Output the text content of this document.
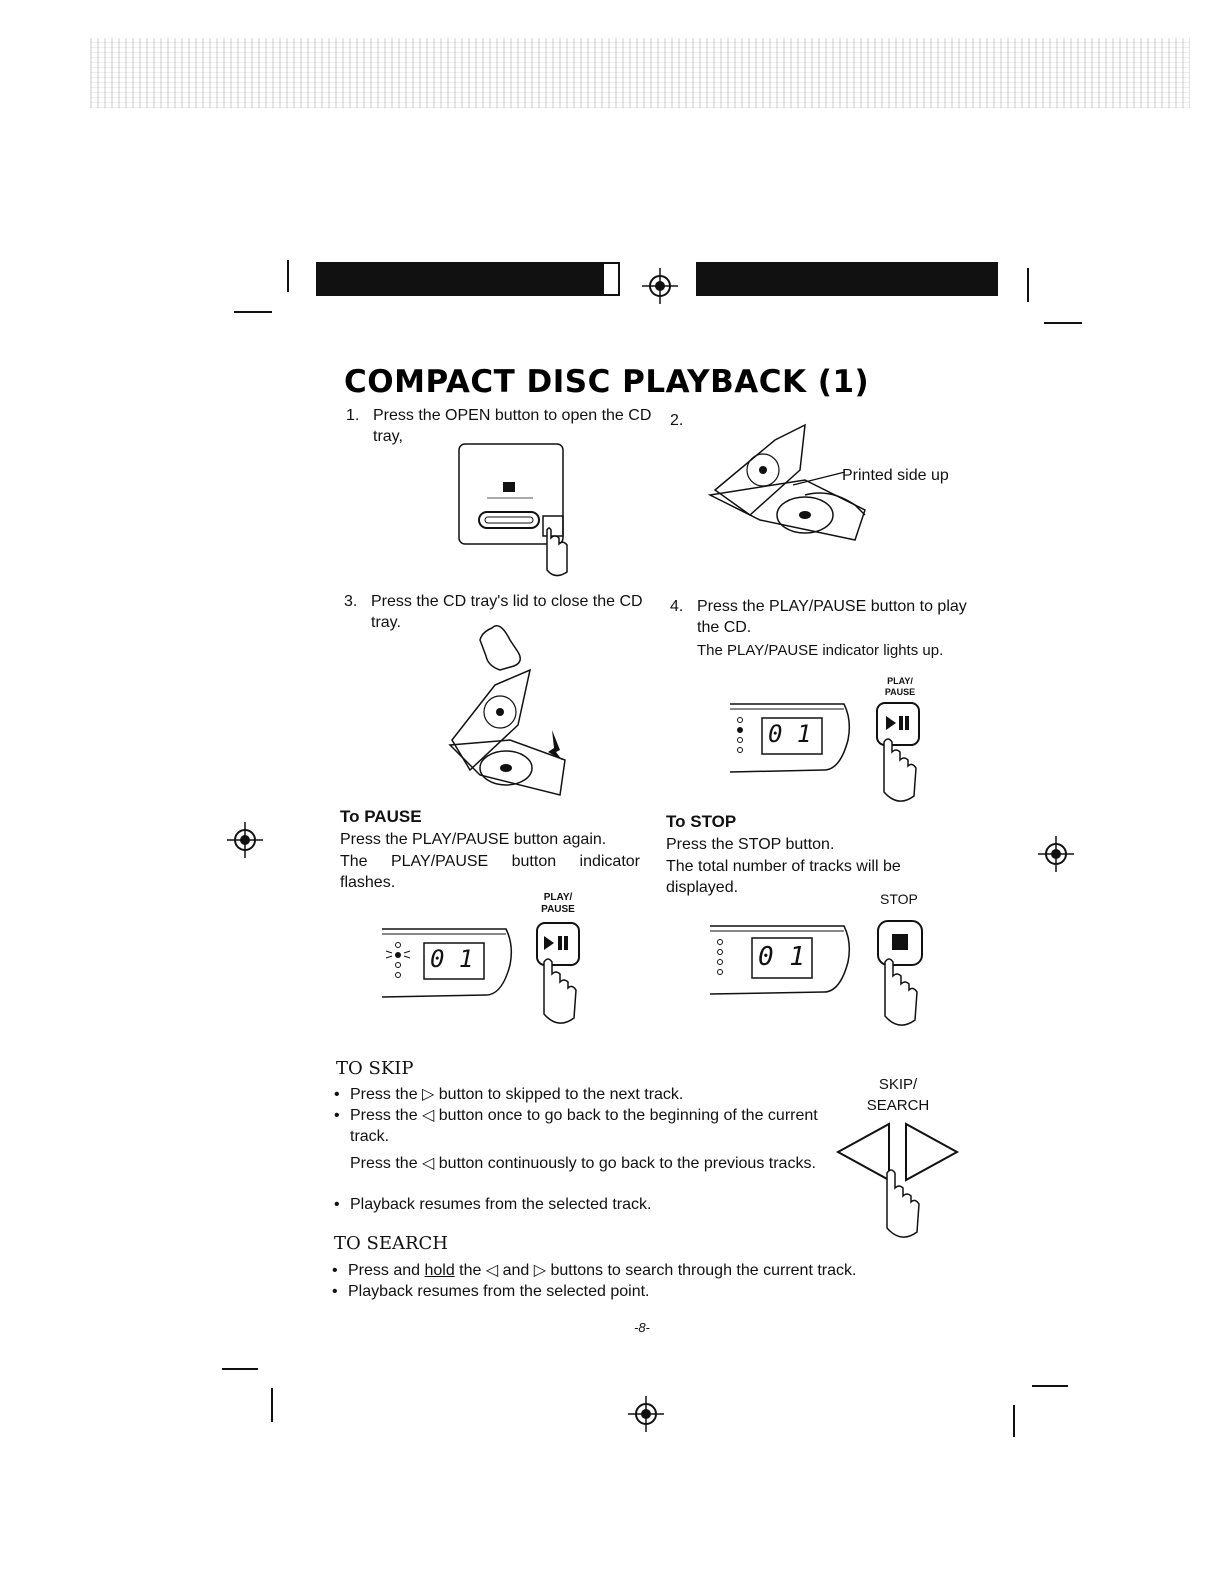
COMPACT DISC PLAYBACK (1)
1. Press the OPEN button to open the CD tray,
2.
Printed side up
3. Press the CD tray's lid to close the CD tray.
4. Press the PLAY/PAUSE button to play the CD.
The PLAY/PAUSE indicator lights up.
PLAY/ PAUSE
0 1
To PAUSE
Press the PLAY/PAUSE button again.
The PLAY/PAUSE button indicator flashes.
PLAY/ PAUSE
0 1
To STOP
Press the STOP button.
The total number of tracks will be displayed.
STOP
0 1
TO SKIP
• Press the ▷ button to skipped to the next track.
• Press the ◁ button once to go back to the beginning of the current track.
Press the ◁ button continuously to go back to the previous tracks.
• Playback resumes from the selected track.
SKIP/ SEARCH
TO SEARCH
• Press and hold the ◁ and ▷ buttons to search through the current track.
• Playback resumes from the selected point.
-8-
